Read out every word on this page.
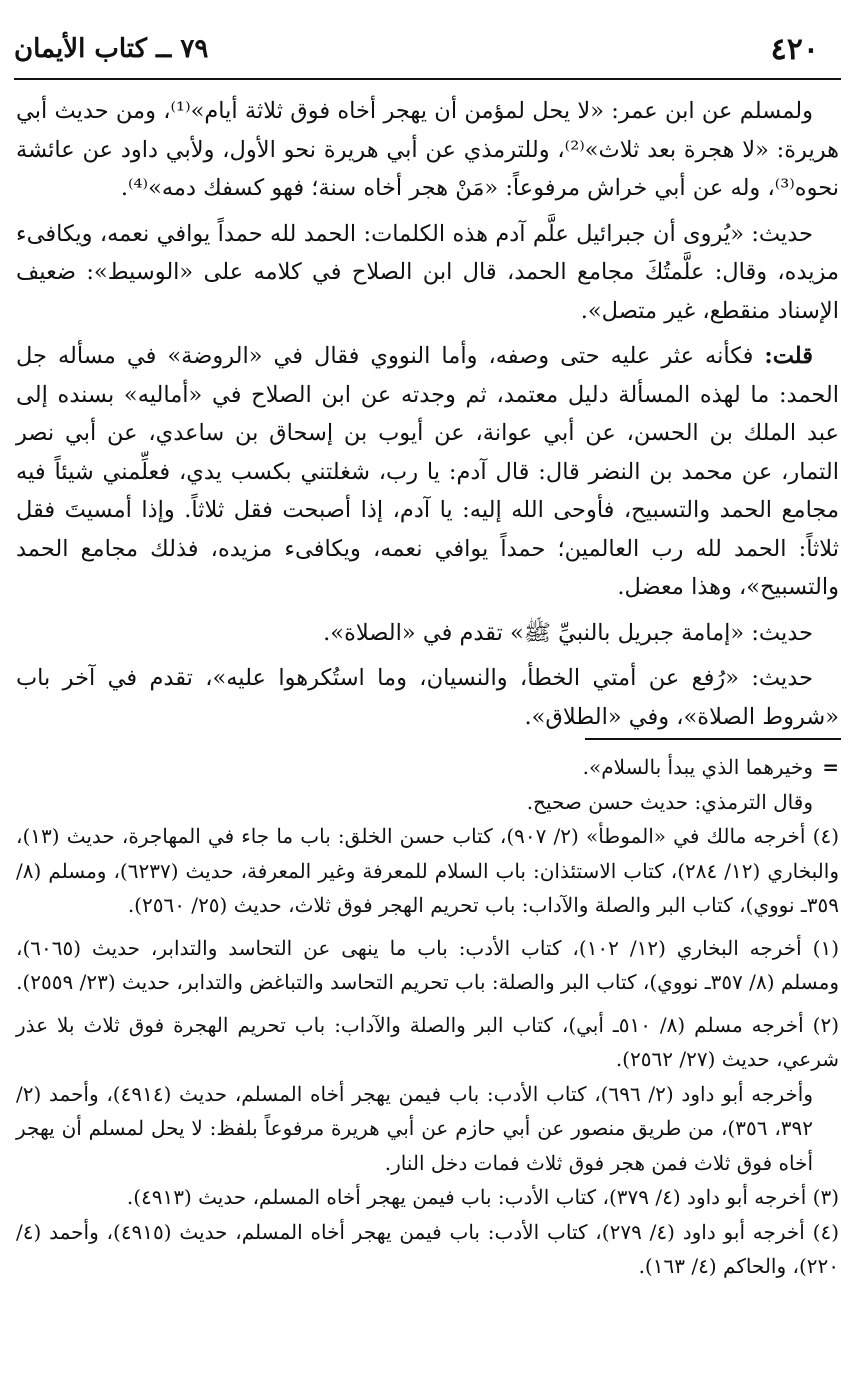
٤٢٠
٧٩ ــ كتاب الأيمان

ولمسلم عن ابن عمر: «لا يحل لمؤمن أن يهجر أخاه فوق ثلاثة أيام»⁽¹⁾، ومن حديث أبي هريرة: «لا هجرة بعد ثلاث»⁽²⁾، وللترمذي عن أبي هريرة نحو الأول، ولأبي داود عن عائشة نحوه⁽³⁾، وله عن أبي خراش مرفوعاً: «مَنْ هجر أخاه سنة؛ فهو كسفك دمه»⁽⁴⁾.

حديث: «يُروى أن جبرائيل علَّم آدم هذه الكلمات: الحمد لله حمداً يوافي نعمه، ويكافىء مزيده، وقال: علَّمتُكَ مجامع الحمد، قال ابن الصلاح في كلامه على «الوسيط»: ضعيف الإسناد منقطع، غير متصل».

قلت: فكأنه عثر عليه حتى وصفه، وأما النووي فقال في «الروضة» في مسأله جل الحمد: ما لهذه المسألة دليل معتمد، ثم وجدته عن ابن الصلاح في «أماليه» بسنده إلى عبد الملك بن الحسن، عن أبي عوانة، عن أيوب بن إسحاق بن ساعدي، عن أبي نصر التمار، عن محمد بن النضر قال: قال آدم: يا رب، شغلتني بكسب يدي، فعلِّمني شيئاً فيه مجامع الحمد والتسبيح، فأوحى الله إليه: يا آدم، إذا أصبحت فقل ثلاثاً. وإذا أمسيتَ فقل ثلاثاً: الحمد لله رب العالمين؛ حمداً يوافي نعمه، ويكافىء مزيده، فذلك مجامع الحمد والتسبيح»، وهذا معضل.

حديث: «إمامة جبريل بالنبيِّ ﷺ» تقدم في «الصلاة».

حديث: «رُفع عن أمتي الخطأ، والنسيان، وما استُكرهوا عليه»، تقدم في آخر باب «شروط الصلاة»، وفي «الطلاق».

=

وخيرهما الذي يبدأ بالسلام».

وقال الترمذي: حديث حسن صحيح.

(٤) أخرجه مالك في «الموطأ» (٢/ ٩٠٧)، كتاب حسن الخلق: باب ما جاء في المهاجرة، حديث (١٣)، والبخاري (١٢/ ٢٨٤)، كتاب الاستئذان: باب السلام للمعرفة وغير المعرفة، حديث (٦٢٣٧)، ومسلم (٨/ ٣٥٩ـ نووي)، كتاب البر والصلة والآداب: باب تحريم الهجر فوق ثلاث، حديث (٢٥/ ٢٥٦٠).

(١) أخرجه البخاري (١٢/ ١٠٢)، كتاب الأدب: باب ما ينهى عن التحاسد والتدابر، حديث (٦٠٦٥)، ومسلم (٨/ ٣٥٧ـ نووي)، كتاب البر والصلة: باب تحريم التحاسد والتباغض والتدابر، حديث (٢٣/ ٢٥٥٩).

(٢) أخرجه مسلم (٨/ ٥١٠ـ أبي)، كتاب البر والصلة والآداب: باب تحريم الهجرة فوق ثلاث بلا عذر شرعي، حديث (٢٧/ ٢٥٦٢).

وأخرجه أبو داود (٢/ ٦٩٦)، كتاب الأدب: باب فيمن يهجر أخاه المسلم، حديث (٤٩١٤)، وأحمد (٢/ ٣٩٢، ٣٥٦)، من طريق منصور عن أبي حازم عن أبي هريرة مرفوعاً بلفظ: لا يحل لمسلم أن يهجر أخاه فوق ثلاث فمن هجر فوق ثلاث فمات دخل النار.

(٣) أخرجه أبو داود (٤/ ٣٧٩)، كتاب الأدب: باب فيمن يهجر أخاه المسلم، حديث (٤٩١٣).

(٤) أخرجه أبو داود (٤/ ٢٧٩)، كتاب الأدب: باب فيمن يهجر أخاه المسلم، حديث (٤٩١٥)، وأحمد (٤/ ٢٢٠)، والحاكم (٤/ ١٦٣).
